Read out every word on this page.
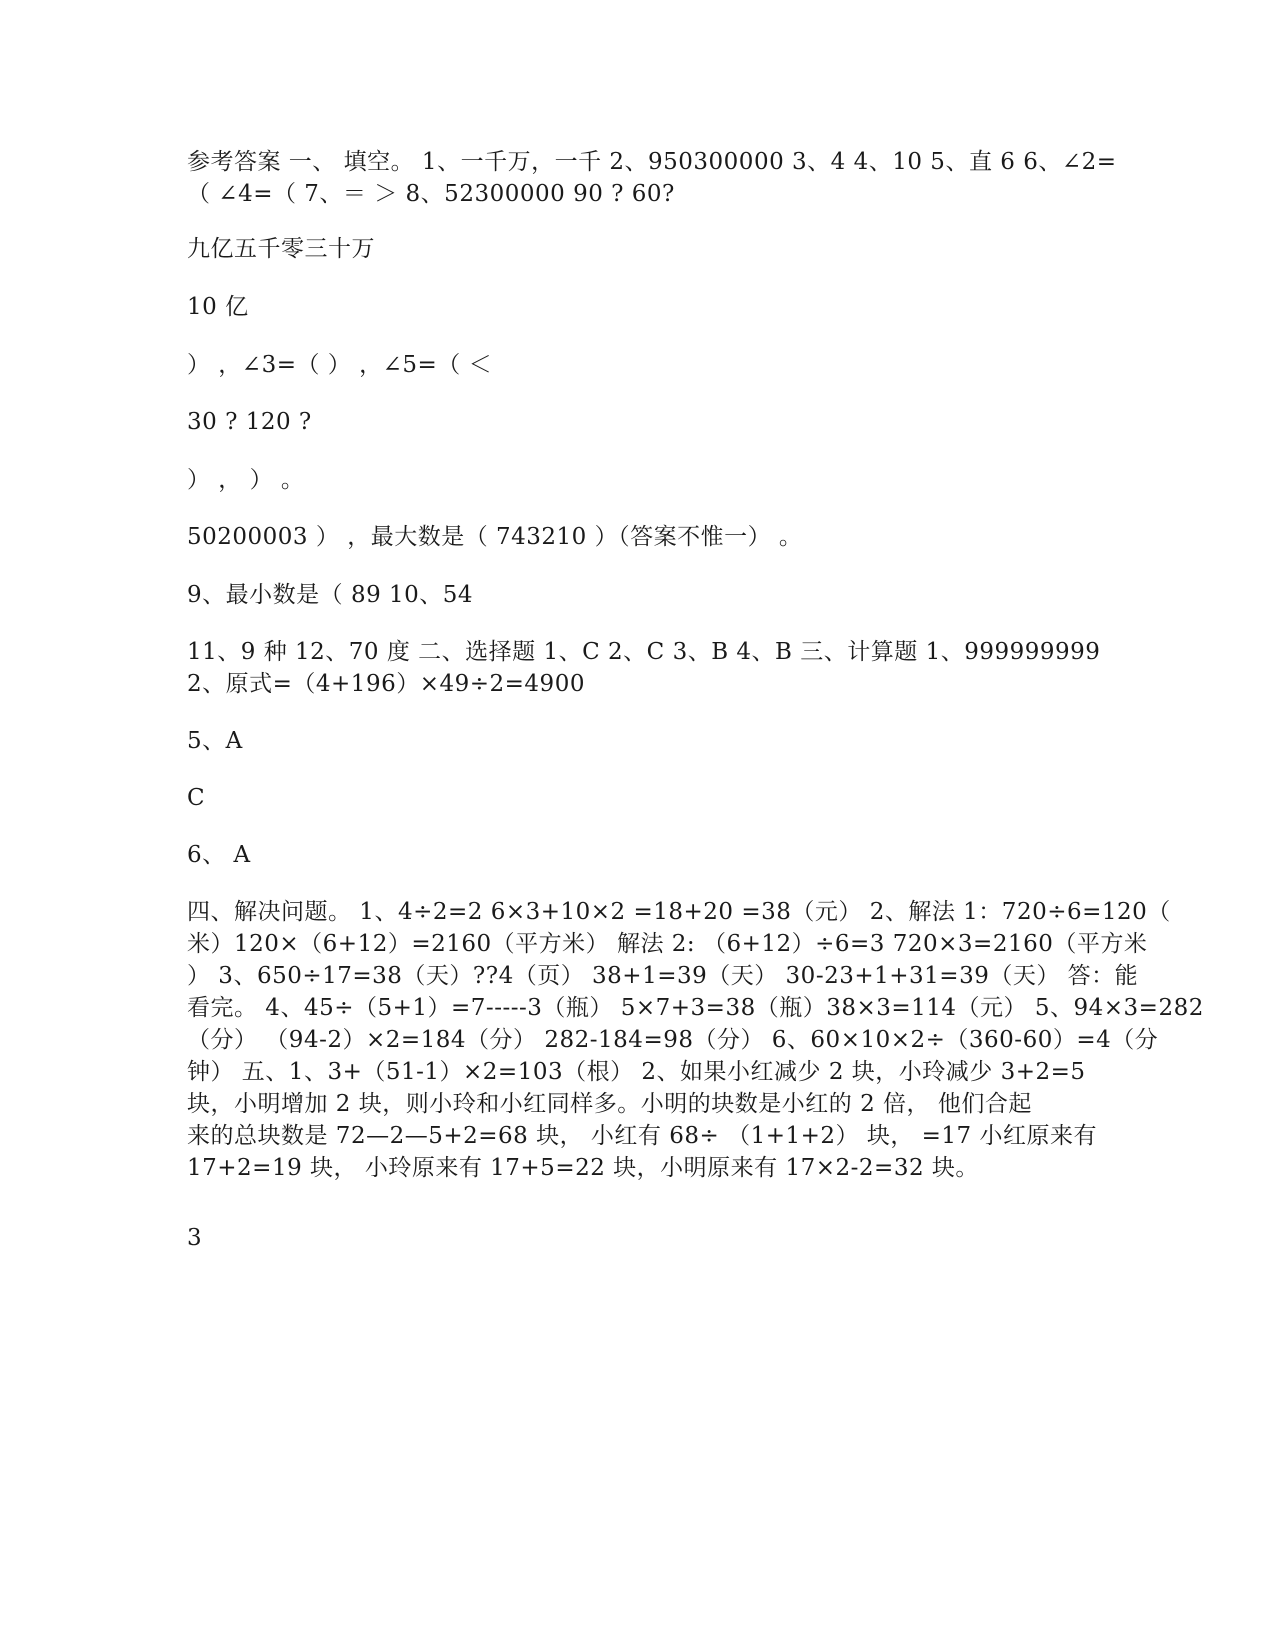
参考答案 一、 填空。 1、一千万，一千 2、950300000 3、4 4、10 5、直 6 6、∠2=
（ ∠4=（ 7、＝ ＞ 8、52300000 90 ? 60?

九亿五千零三十万

10 亿

） ，∠3=（ ） ，∠5=（ ＜

30 ? 120 ?

） ， ） 。

50200003 ） ，最大数是（ 743210 ）（答案不惟一） 。

9、最小数是（ 89 10、54

11、9 种 12、70 度 二、选择题 1、C 2、C 3、B 4、B 三、计算题 1、999999999
2、原式=（4+196）×49÷2=4900

5、A

C

6、 A

四、解决问题。 1、4÷2=2 6×3+10×2 =18+20 =38（元） 2、解法 1：720÷6=120（
米）120×（6+12）=2160（平方米） 解法 2: （6+12）÷6=3 720×3=2160（平方米
） 3、650÷17=38（天）??4（页） 38+1=39（天） 30-23+1+31=39（天） 答：能
看完。 4、45÷（5+1）=7-----3（瓶） 5×7+3=38（瓶）38×3=114（元） 5、94×3=282
（分） （94-2）×2=184（分） 282-184=98（分） 6、60×10×2÷（360-60）=4（分
钟） 五、1、3+（51-1）×2=103（根） 2、如果小红减少 2 块，小玲减少 3+2=5
块，小明增加 2 块，则小玲和小红同样多。小明的块数是小红的 2 倍， 他们合起
来的总块数是 72—2—5+2=68 块， 小红有 68÷ （1+1+2） 块， =17 小红原来有
17+2=19 块， 小玲原来有 17+5=22 块，小明原来有 17×2-2=32 块。

3
